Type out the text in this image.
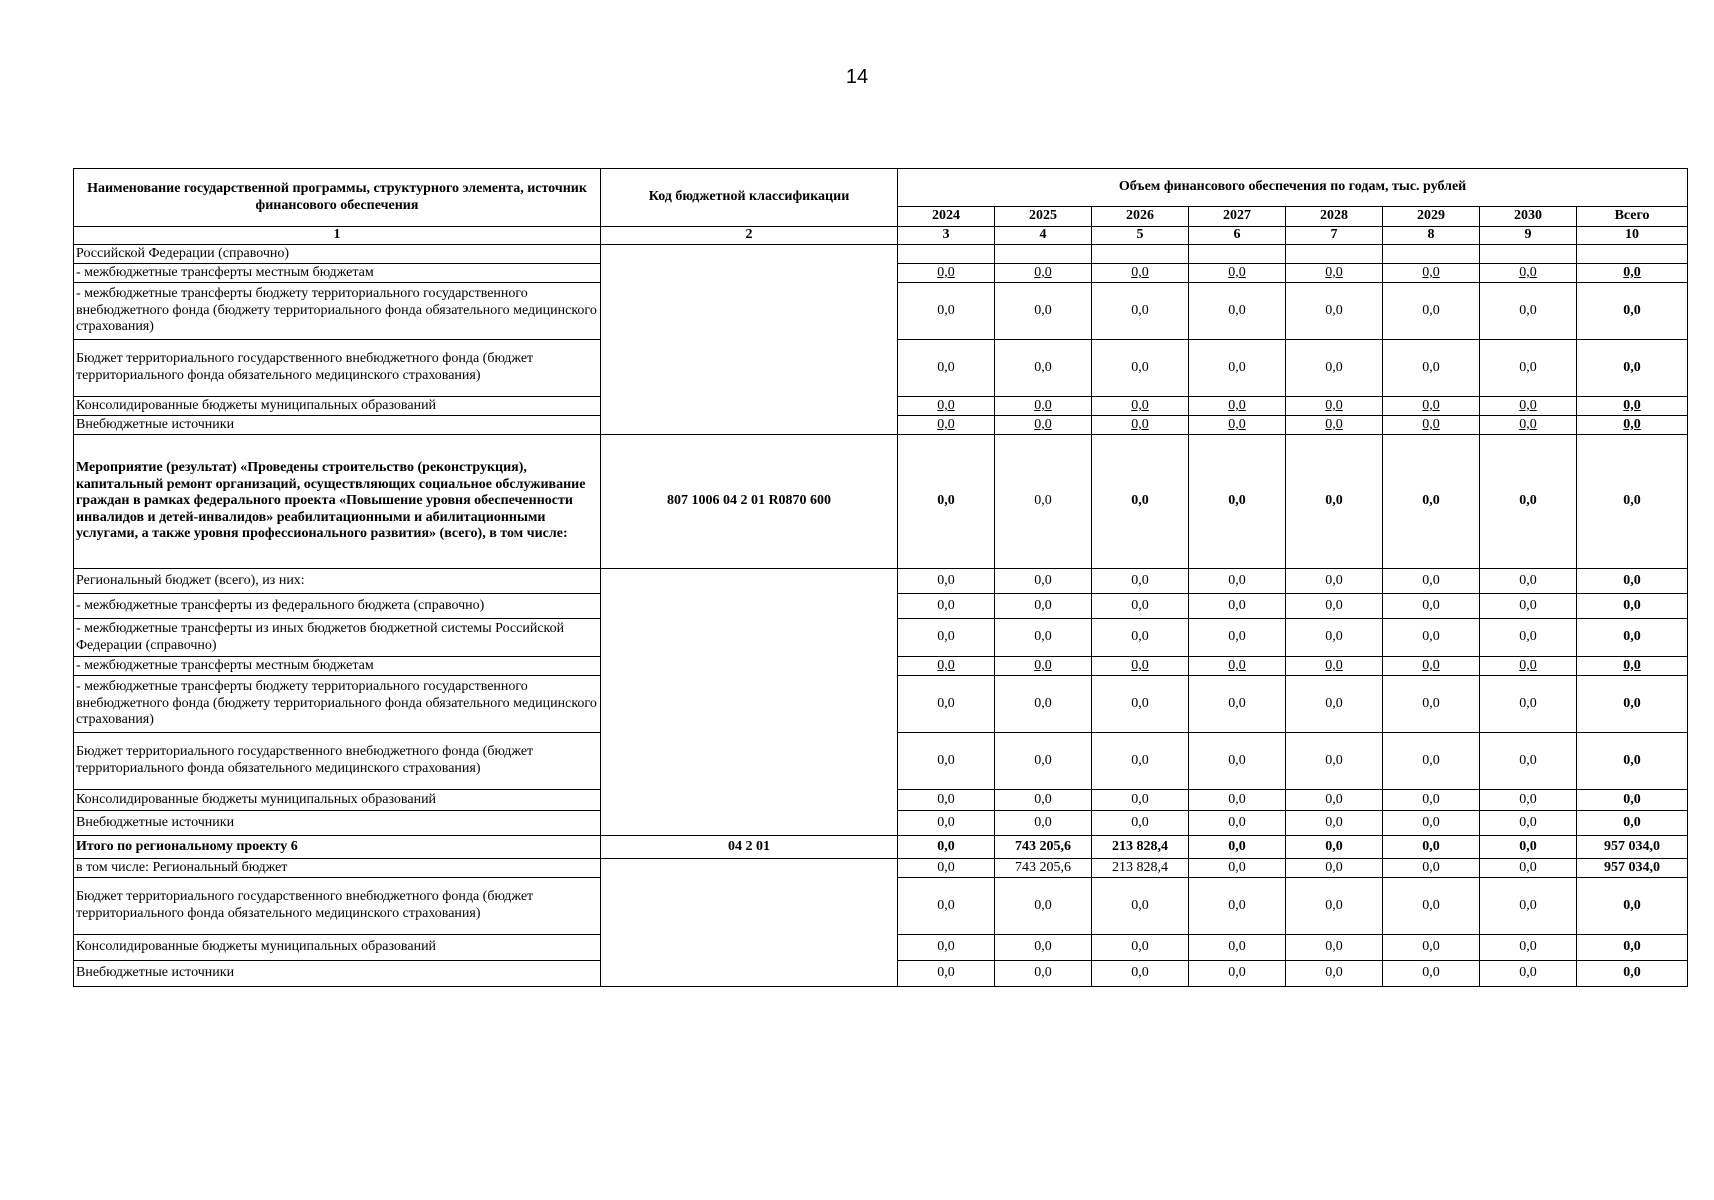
14
Наименование государственной программы, структурного элемента, источник финансового обеспечения	Код бюджетной классификации	Объем финансового обеспечения по годам, тыс. рублей							
		2024	2025	2026	2027	2028	2029	2030	Всего
1	2	3	4	5	6	7	8	9	10
Российской Федерации (справочно)									
- межбюджетные трансферты местным бюджетам		0,0	0,0	0,0	0,0	0,0	0,0	0,0	0,0
- межбюджетные трансферты бюджету территориального государственного внебюджетного фонда (бюджету территориального фонда обязательного медицинского страхования)		0,0	0,0	0,0	0,0	0,0	0,0	0,0	0,0
Бюджет территориального государственного внебюджетного фонда (бюджет территориального фонда обязательного медицинского страхования)		0,0	0,0	0,0	0,0	0,0	0,0	0,0	0,0
Консолидированные бюджеты муниципальных образований		0,0	0,0	0,0	0,0	0,0	0,0	0,0	0,0
Внебюджетные источники		0,0	0,0	0,0	0,0	0,0	0,0	0,0	0,0
Мероприятие (результат) «Проведены строительство (реконструкция), капитальный ремонт организаций, осуществляющих социальное обслуживание граждан в рамках федерального проекта «Повышение уровня обеспеченности инвалидов и детей-инвалидов» реабилитационными и абилитационными услугами, а также уровня профессионального развития» (всего), в том числе:	807 1006 04 2 01 R0870 600	0,0	0,0	0,0	0,0	0,0	0,0	0,0	0,0
Региональный бюджет (всего), из них:		0,0	0,0	0,0	0,0	0,0	0,0	0,0	0,0
- межбюджетные трансферты из федерального бюджета (справочно)		0,0	0,0	0,0	0,0	0,0	0,0	0,0	0,0
- межбюджетные трансферты из иных бюджетов бюджетной системы Российской Федерации (справочно)		0,0	0,0	0,0	0,0	0,0	0,0	0,0	0,0
- межбюджетные трансферты местным бюджетам		0,0	0,0	0,0	0,0	0,0	0,0	0,0	0,0
- межбюджетные трансферты бюджету территориального государственного внебюджетного фонда (бюджету территориального фонда обязательного медицинского страхования)		0,0	0,0	0,0	0,0	0,0	0,0	0,0	0,0
Бюджет территориального государственного внебюджетного фонда (бюджет территориального фонда обязательного медицинского страхования)		0,0	0,0	0,0	0,0	0,0	0,0	0,0	0,0
Консолидированные бюджеты муниципальных образований		0,0	0,0	0,0	0,0	0,0	0,0	0,0	0,0
Внебюджетные источники		0,0	0,0	0,0	0,0	0,0	0,0	0,0	0,0
Итого по региональному проекту 6	04 2 01	0,0	743 205,6	213 828,4	0,0	0,0	0,0	0,0	957 034,0
в том числе: Региональный бюджет		0,0	743 205,6	213 828,4	0,0	0,0	0,0	0,0	957 034,0
Бюджет территориального государственного внебюджетного фонда (бюджет территориального фонда обязательного медицинского страхования)		0,0	0,0	0,0	0,0	0,0	0,0	0,0	0,0
Консолидированные бюджеты муниципальных образований		0,0	0,0	0,0	0,0	0,0	0,0	0,0	0,0
Внебюджетные источники		0,0	0,0	0,0	0,0	0,0	0,0	0,0	0,0
